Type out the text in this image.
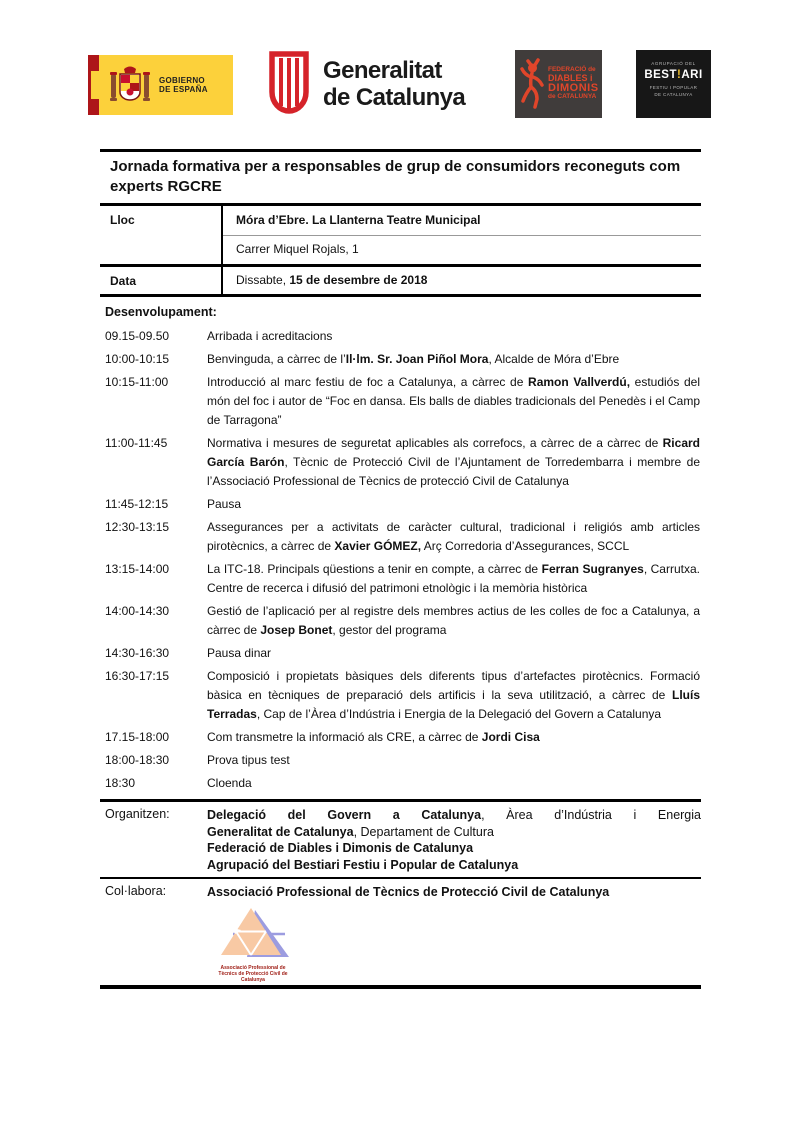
GOBIERNO
DE ESPAÑA
Generalitat
de Catalunya
FEDERACIÓ de
DIABLES i
DIMONIS
de CATALUNYA
AGRUPACIÓ DEL
BEST!ARI
FESTIU I POPULAR
DE CATALUNYA
Jornada formativa per a responsables de grup de consumidors reconeguts com experts RGCRE
Lloc	Móra d’Ebre. La Llanterna Teatre Municipal
Carrer Miquel Rojals, 1
Data	Dissabte, 15 de desembre de 2018
Desenvolupament:
09.15-09.50	Arribada i acreditacions
10:00-10:15	Benvinguda, a càrrec de l’Il·lm. Sr. Joan Piñol Mora, Alcalde de Móra d’Ebre
10:15-11:00	Introducció al marc festiu de foc a Catalunya, a càrrec de Ramon Vallverdú, estudiós del món del foc i autor de “Foc en dansa. Els balls de diables tradicionals del Penedès i el Camp de Tarragona”
11:00-11:45	Normativa i mesures de seguretat aplicables als correfocs, a càrrec de a càrrec de Ricard García Barón, Tècnic de Protecció Civil de l’Ajuntament de Torredembarra i membre de l’Associació Professional de Tècnics de protecció Civil de Catalunya
11:45-12:15	Pausa
12:30-13:15	Assegurances per a activitats de caràcter cultural, tradicional i religiós amb articles pirotècnics, a càrrec de Xavier GÓMEZ, Arç Corredoria d’Assegurances, SCCL
13:15-14:00	La ITC-18. Principals qüestions a tenir en compte, a càrrec de Ferran Sugranyes, Carrutxa. Centre de recerca i difusió del patrimoni etnològic i la memòria històrica
14:00-14:30	Gestió de l’aplicació per al registre dels membres actius de les colles de foc a Catalunya, a càrrec de Josep Bonet, gestor del programa
14:30-16:30	Pausa dinar
16:30-17:15	Composició i propietats bàsiques dels diferents tipus d’artefactes pirotècnics. Formació bàsica en tècniques de preparació dels artificis i la seva utilització, a càrrec de Lluís Terradas, Cap de l’Àrea d’Indústria i Energia de la Delegació del Govern a Catalunya
17.15-18:00	Com transmetre la informació als CRE, a càrrec de Jordi Cisa
18:00-18:30	Prova tipus test
18:30	Cloenda
Organitzen:	Delegació del Govern a Catalunya, Àrea d’Indústria i Energia
Generalitat de Catalunya, Departament de Cultura
Federació de Diables i Dimonis de Catalunya
Agrupació del Bestiari Festiu i Popular de Catalunya
Col·labora:	Associació Professional de Tècnics de Protecció Civil de Catalunya
Associació Professional de
Tècnics de Protecció Civil de
Catalunya
